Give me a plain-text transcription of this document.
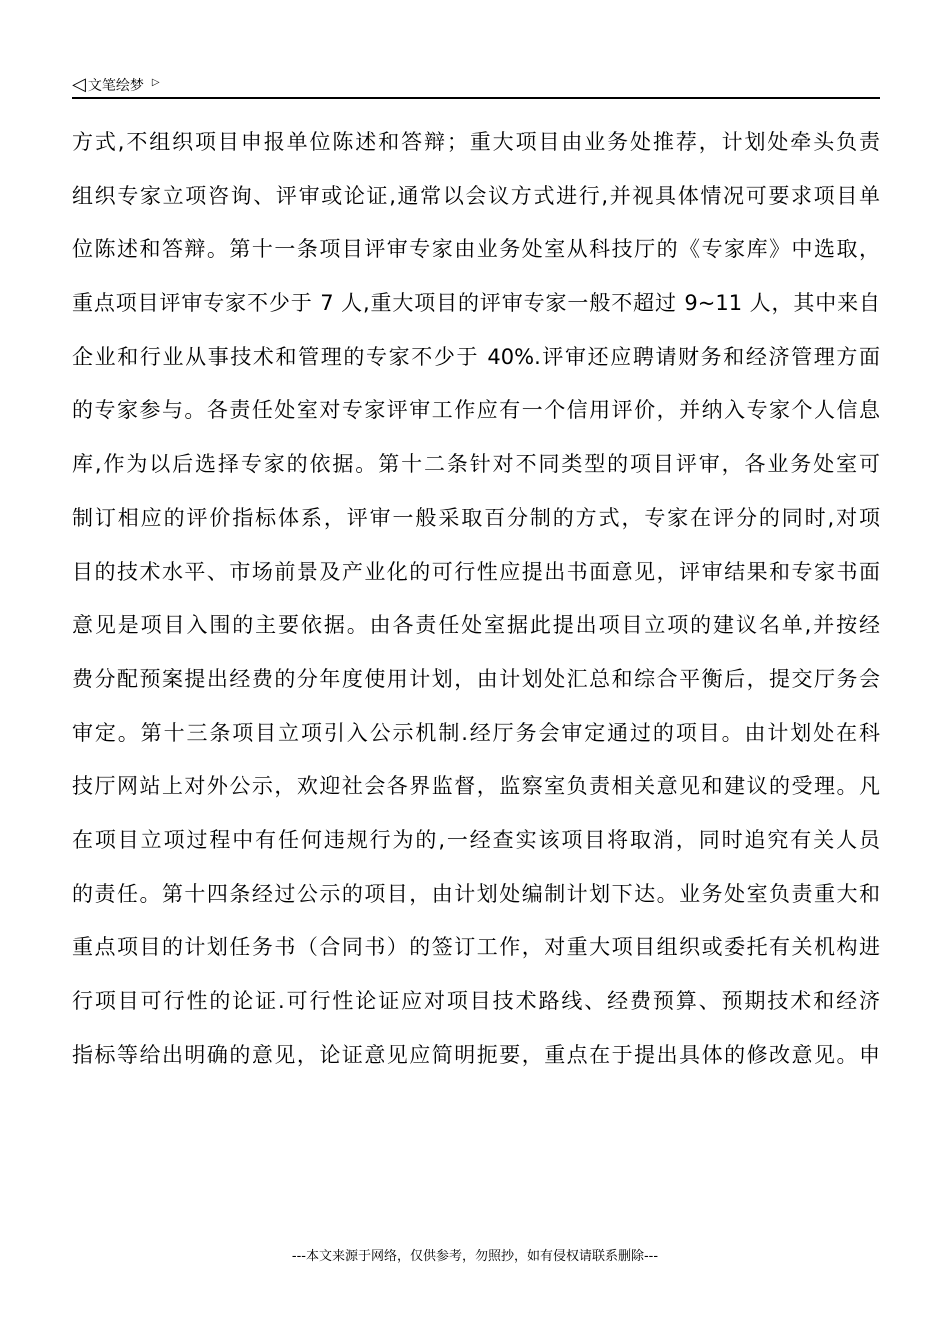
◁ 文笔绘梦 ▷
方式,不组织项目申报单位陈述和答辩；重大项目由业务处推荐，计划处牵头负责
组织专家立项咨询、评审或论证,通常以会议方式进行,并视具体情况可要求项目单
位陈述和答辩。第十一条项目评审专家由业务处室从科技厅的《专家库》中选取，
重点项目评审专家不少于 7 人,重大项目的评审专家一般不超过 9~11 人，其中来自
企业和行业从事技术和管理的专家不少于 40%.评审还应聘请财务和经济管理方面
的专家参与。各责任处室对专家评审工作应有一个信用评价，并纳入专家个人信息
库,作为以后选择专家的依据。第十二条针对不同类型的项目评审，各业务处室可
制订相应的评价指标体系，评审一般采取百分制的方式，专家在评分的同时,对项
目的技术水平、市场前景及产业化的可行性应提出书面意见，评审结果和专家书面
意见是项目入围的主要依据。由各责任处室据此提出项目立项的建议名单,并按经
费分配预案提出经费的分年度使用计划，由计划处汇总和综合平衡后，提交厅务会
审定。第十三条项目立项引入公示机制.经厅务会审定通过的项目。由计划处在科
技厅网站上对外公示，欢迎社会各界监督，监察室负责相关意见和建议的受理。凡
在项目立项过程中有任何违规行为的,一经查实该项目将取消，同时追究有关人员
的责任。第十四条经过公示的项目，由计划处编制计划下达。业务处室负责重大和
重点项目的计划任务书（合同书）的签订工作，对重大项目组织或委托有关机构进
行项目可行性的论证.可行性论证应对项目技术路线、经费预算、预期技术和经济
指标等给出明确的意见，论证意见应简明扼要，重点在于提出具体的修改意见。申
---本文来源于网络，仅供参考，勿照抄，如有侵权请联系删除---
